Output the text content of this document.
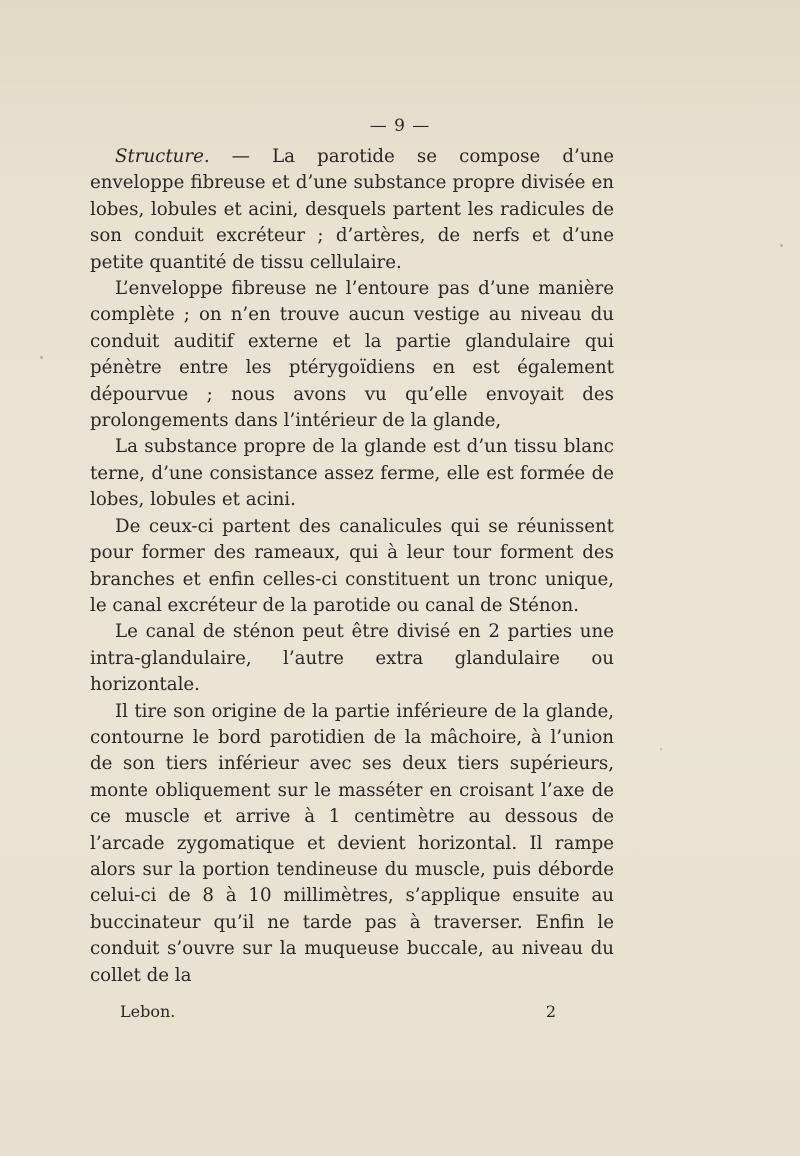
— 9 —

Structure. — La parotide se compose d’une enveloppe fibreuse et d’une substance propre divisée en lobes, lobules et acini, desquels partent les radicules de son conduit excréteur ; d’artères, de nerfs et d’une petite quantité de tissu cellulaire.

L’enveloppe fibreuse ne l’entoure pas d’une manière complète ; on n’en trouve aucun vestige au niveau du conduit auditif externe et la partie glandulaire qui pénètre entre les ptérygoïdiens en est également dépourvue ; nous avons vu qu’elle envoyait des prolongements dans l’intérieur de la glande,

La substance propre de la glande est d’un tissu blanc terne, d’une consistance assez ferme, elle est formée de lobes, lobules et acini.

De ceux-ci partent des canalicules qui se réunissent pour former des rameaux, qui à leur tour forment des branches et enfin celles-ci constituent un tronc unique, le canal excréteur de la parotide ou canal de Sténon.

Le canal de sténon peut être divisé en 2 parties une intra-glandulaire, l’autre extra glandulaire ou horizontale.

Il tire son origine de la partie inférieure de la glande, contourne le bord parotidien de la mâchoire, à l’union de son tiers inférieur avec ses deux tiers supérieurs, monte obliquement sur le masséter en croisant l’axe de ce muscle et arrive à 1 centimètre au dessous de l’arcade zygomatique et devient horizontal. Il rampe alors sur la portion tendineuse du muscle, puis déborde celui-ci de 8 à 10 millimètres, s’applique ensuite au buccinateur qu’il ne tarde pas à traverser. Enfin le conduit s’ouvre sur la muqueuse buccale, au niveau du collet de la

Lebon.	2
